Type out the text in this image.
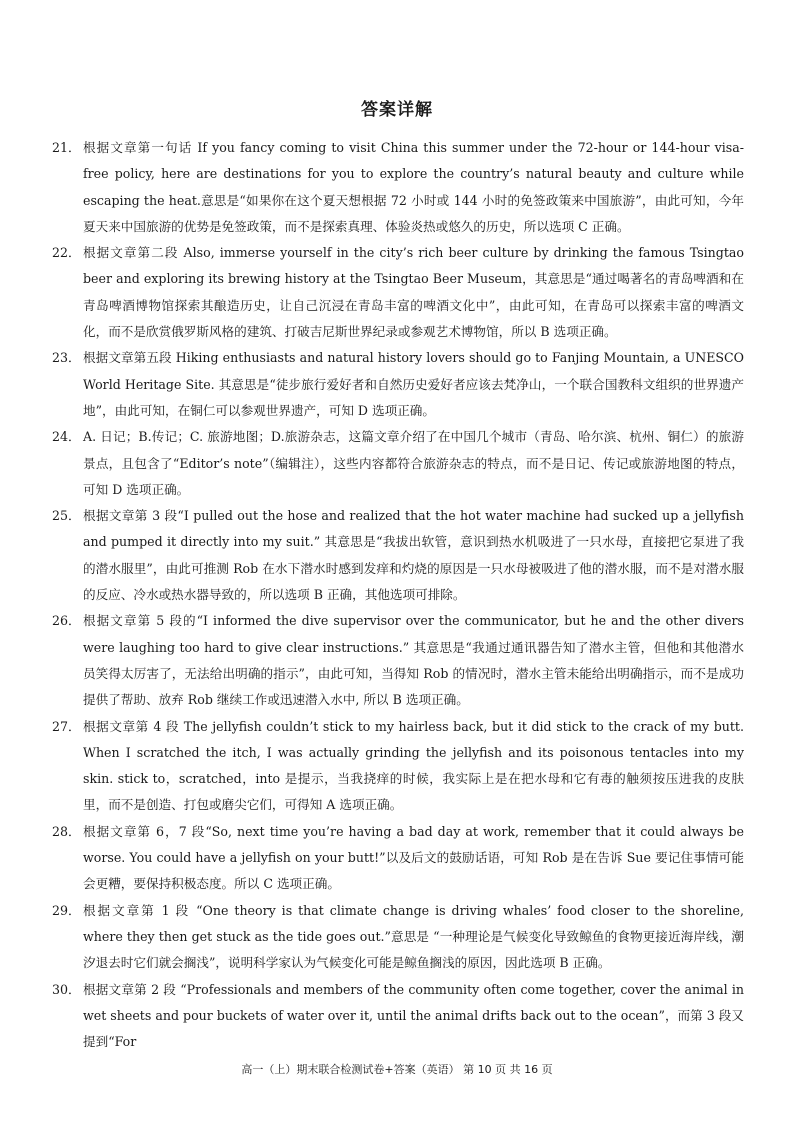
答案详解
21． 根据文章第一句话 If you fancy coming to visit China this summer under the 72-hour or 144-hour visa-free policy, here are destinations for you to explore the country’s natural beauty and culture while escaping the heat.意思是“如果你在这个夏天想根据 72 小时或 144 小时的免签政策来中国旅游”，由此可知，今年夏天来中国旅游的优势是免签政策，而不是探索真理、体验炎热或悠久的历史，所以选项 C 正确。
22． 根据文章第二段 Also, immerse yourself in the city’s rich beer culture by drinking the famous Tsingtao beer and exploring its brewing history at the Tsingtao Beer Museum，其意思是“通过喝著名的青岛啤酒和在青岛啤酒博物馆探索其酿造历史，让自己沉浸在青岛丰富的啤酒文化中”，由此可知，在青岛可以探索丰富的啤酒文化，而不是欣赏俄罗斯风格的建筑、打破吉尼斯世界纪录或参观艺术博物馆，所以 B 选项正确。
23． 根据文章第五段 Hiking enthusiasts and natural history lovers should go to Fanjing Mountain, a UNESCO World Heritage Site. 其意思是“徒步旅行爱好者和自然历史爱好者应该去梵净山，一个联合国教科文组织的世界遗产地”，由此可知，在铜仁可以参观世界遗产，可知 D 选项正确。
24． A. 日记；B.传记；C. 旅游地图；D.旅游杂志，这篇文章介绍了在中国几个城市（青岛、哈尔滨、杭州、铜仁）的旅游景点，且包含了“Editor’s note”（编辑注），这些内容都符合旅游杂志的特点，而不是日记、传记或旅游地图的特点，可知 D 选项正确。
25． 根据文章第 3 段“I pulled out the hose and realized that the hot water machine had sucked up a jellyfish and pumped it directly into my suit.” 其意思是“我拔出软管，意识到热水机吸进了一只水母，直接把它泵进了我的潜水服里”，由此可推测 Rob 在水下潜水时感到发痒和灼烧的原因是一只水母被吸进了他的潜水服，而不是对潜水服的反应、冷水或热水器导致的，所以选项 B 正确，其他选项可排除。
26． 根据文章第 5 段的“I informed the dive supervisor over the communicator, but he and the other divers were laughing too hard to give clear instructions.” 其意思是“我通过通讯器告知了潜水主管，但他和其他潜水员笑得太厉害了，无法给出明确的指示”，由此可知，当得知 Rob 的情况时，潜水主管未能给出明确指示，而不是成功提供了帮助、放弃 Rob 继续工作或迅速潜入水中, 所以 B 选项正确。
27． 根据文章第 4 段 The jellyfish couldn’t stick to my hairless back, but it did stick to the crack of my butt. When I scratched the itch, I was actually grinding the jellyfish and its poisonous tentacles into my skin. stick to，scratched，into 是提示，当我挠痒的时候，我实际上是在把水母和它有毒的触须按压进我的皮肤里，而不是创造、打包或磨尖它们，可得知 A 选项正确。
28． 根据文章第 6，7 段“So, next time you’re having a bad day at work, remember that it could always be worse. You could have a jellyfish on your butt!”以及后文的鼓励话语，可知 Rob 是在告诉 Sue 要记住事情可能会更糟，要保持积极态度。所以 C 选项正确。
29． 根据文章第 1 段 “One theory is that climate change is driving whales’ food closer to the shoreline, where they then get stuck as the tide goes out.”意思是 “一种理论是气候变化导致鲸鱼的食物更接近海岸线，潮汐退去时它们就会搁浅”，说明科学家认为气候变化可能是鲸鱼搁浅的原因，因此选项 B 正确。
30． 根据文章第 2 段 “Professionals and members of the community often come together, cover the animal in wet sheets and pour buckets of water over it, until the animal drifts back out to the ocean”，而第 3 段又提到“For
高一（上）期末联合检测试卷+答案（英语） 第 10 页 共 16 页
